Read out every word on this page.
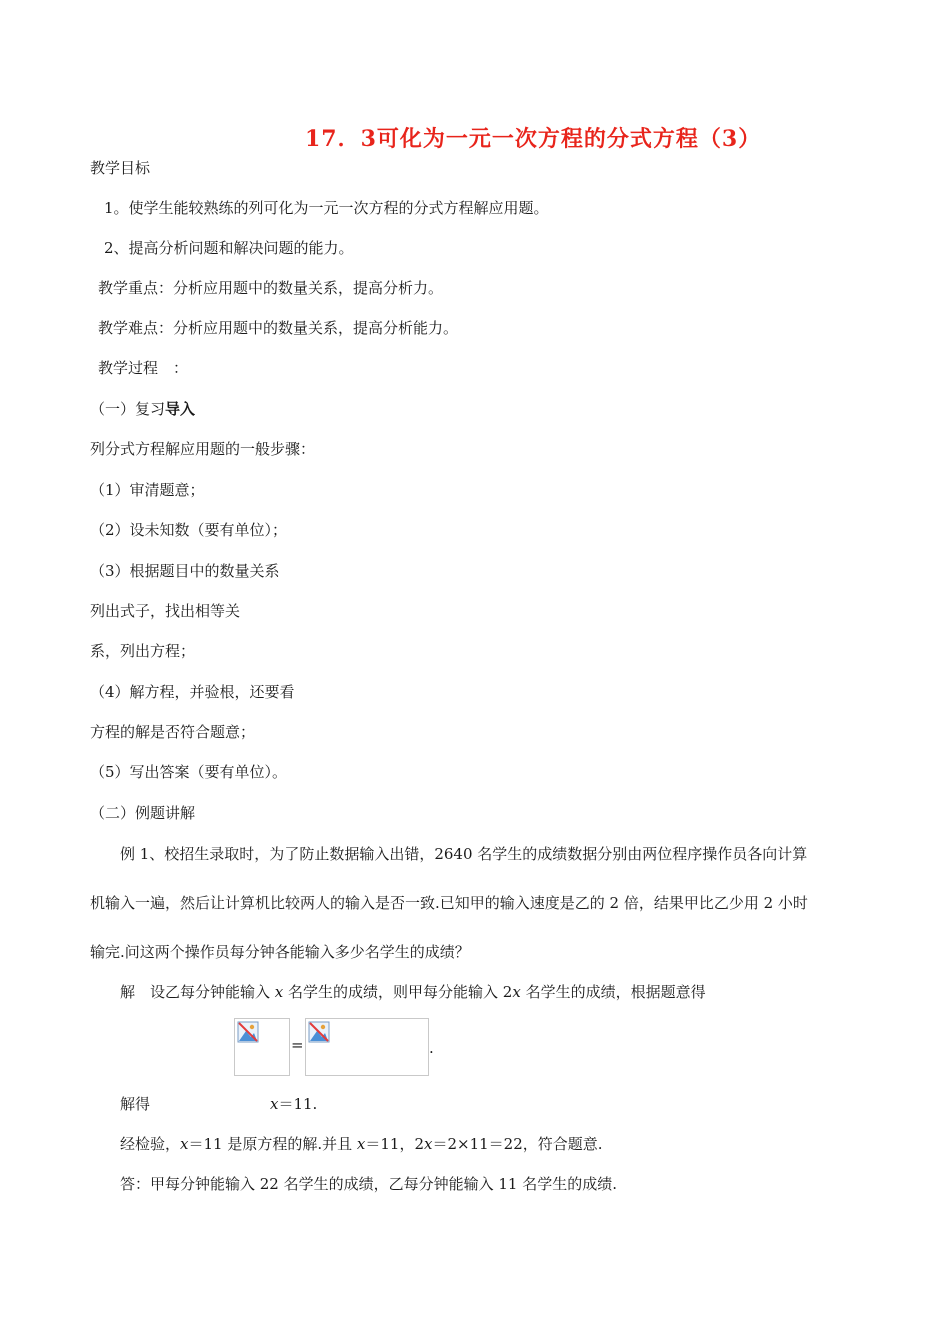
17．3可化为一元一次方程的分式方程（3）
教学目标
1。使学生能较熟练的列可化为一元一次方程的分式方程解应用题。
2、提高分析问题和解决问题的能力。
教学重点：分析应用题中的数量关系，提高分析力。
教学难点：分析应用题中的数量关系，提高分析能力。
教学过程　：
（一）复习导入
列分式方程解应用题的一般步骤：
（1）审清题意；
（2）设未知数（要有单位）；
（3）根据题目中的数量关系
列出式子，找出相等关
系，列出方程；
（4）解方程，并验根，还要看
方程的解是否符合题意；
（5）写出答案（要有单位）。
（二）例题讲解
例 1、校招生录取时，为了防止数据输入出错，2640 名学生的成绩数据分别由两位程序操作员各向计算
机输入一遍，然后让计算机比较两人的输入是否一致.已知甲的输入速度是乙的 2 倍，结果甲比乙少用 2 小时
输完.问这两个操作员每分钟各能输入多少名学生的成绩？
解　设乙每分钟能输入 x 名学生的成绩，则甲每分能输入 2x 名学生的成绩，根据题意得
=	.
解得	x＝11.
经检验，x＝11 是原方程的解.并且 x＝11，2x＝2×11＝22，符合题意.
答：甲每分钟能输入 22 名学生的成绩，乙每分钟能输入 11 名学生的成绩.
